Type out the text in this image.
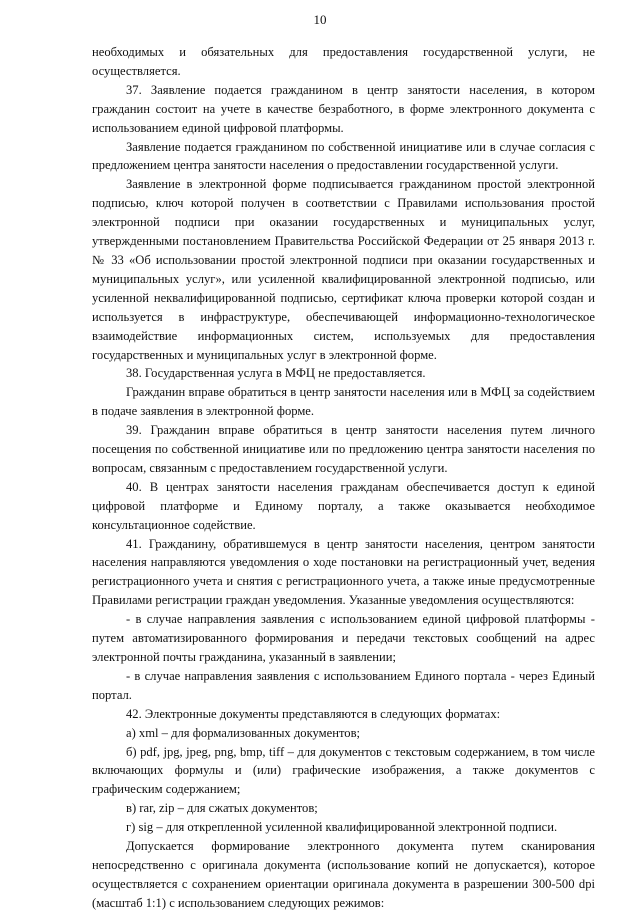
10

необходимых и обязательных для предоставления государственной услуги, не осуществляется.

37. Заявление подается гражданином в центр занятости населения, в котором гражданин состоит на учете в качестве безработного, в форме электронного документа с использованием единой цифровой платформы.

Заявление подается гражданином по собственной инициативе или в случае согласия с предложением центра занятости населения о предоставлении государственной услуги.

Заявление в электронной форме подписывается гражданином простой электронной подписью, ключ которой получен в соответствии с Правилами использования простой электронной подписи при оказании государственных и муниципальных услуг, утвержденными постановлением Правительства Российской Федерации от 25 января 2013 г. № 33 «Об использовании простой электронной подписи при оказании государственных и муниципальных услуг», или усиленной квалифицированной электронной подписью, или усиленной неквалифицированной подписью, сертификат ключа проверки которой создан и используется в инфраструктуре, обеспечивающей информационно-технологическое взаимодействие информационных систем, используемых для предоставления государственных и муниципальных услуг в электронной форме.

38. Государственная услуга в МФЦ не предоставляется.

Гражданин вправе обратиться в центр занятости населения или в МФЦ за содействием в подаче заявления в электронной форме.

39. Гражданин вправе обратиться в центр занятости населения путем личного посещения по собственной инициативе или по предложению центра занятости населения по вопросам, связанным с предоставлением государственной услуги.

40. В центрах занятости населения гражданам обеспечивается доступ к единой цифровой платформе и Единому порталу, а также оказывается необходимое консультационное содействие.

41. Гражданину, обратившемуся в центр занятости населения, центром занятости населения направляются уведомления о ходе постановки на регистрационный учет, ведения регистрационного учета и снятия с регистрационного учета, а также иные предусмотренные Правилами регистрации граждан уведомления. Указанные уведомления осуществляются:

- в случае направления заявления с использованием единой цифровой платформы - путем автоматизированного формирования и передачи текстовых сообщений на адрес электронной почты гражданина, указанный в заявлении;

- в случае направления заявления с использованием Единого портала - через Единый портал.

42. Электронные документы представляются в следующих форматах:

а) xml – для формализованных документов;

б) pdf, jpg, jpeg, png, bmp, tiff – для документов с текстовым содержанием, в том числе включающих формулы и (или) графические изображения, а также документов с графическим содержанием;

в) rar, zip – для сжатых документов;

г) sig – для открепленной усиленной квалифицированной электронной подписи.

Допускается формирование электронного документа путем сканирования непосредственно с оригинала документа (использование копий не допускается), которое осуществляется с сохранением ориентации оригинала документа в разрешении 300-500 dpi (масштаб 1:1) с использованием следующих режимов:
